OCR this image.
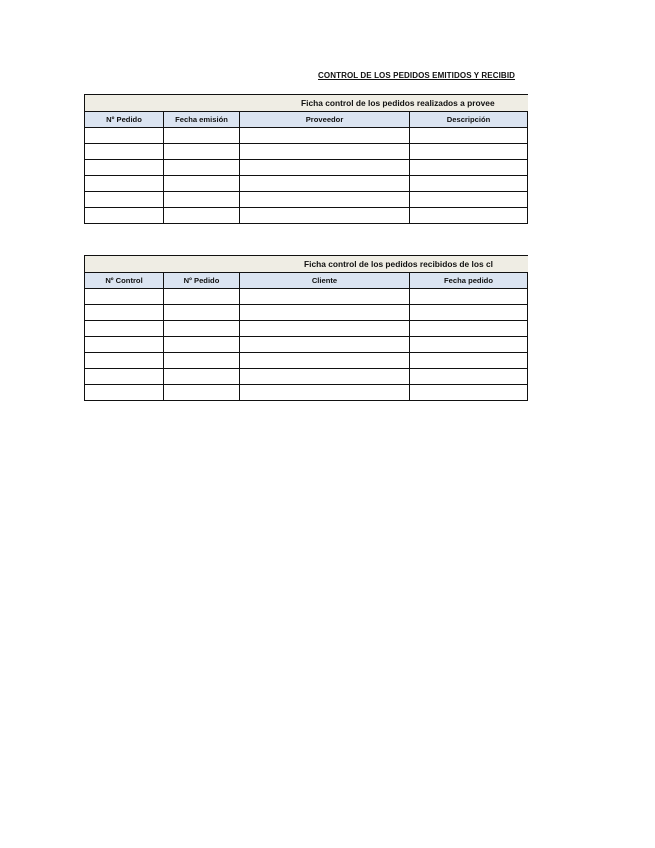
CONTROL DE LOS PEDIDOS EMITIDOS Y RECIBID
Ficha control de los pedidos realizados a provee
Nº Pedido	Fecha emisión	Proveedor	Descripción
Ficha control de los pedidos recibidos de los cl
Nº Control	Nº Pedido	Cliente	Fecha pedido
